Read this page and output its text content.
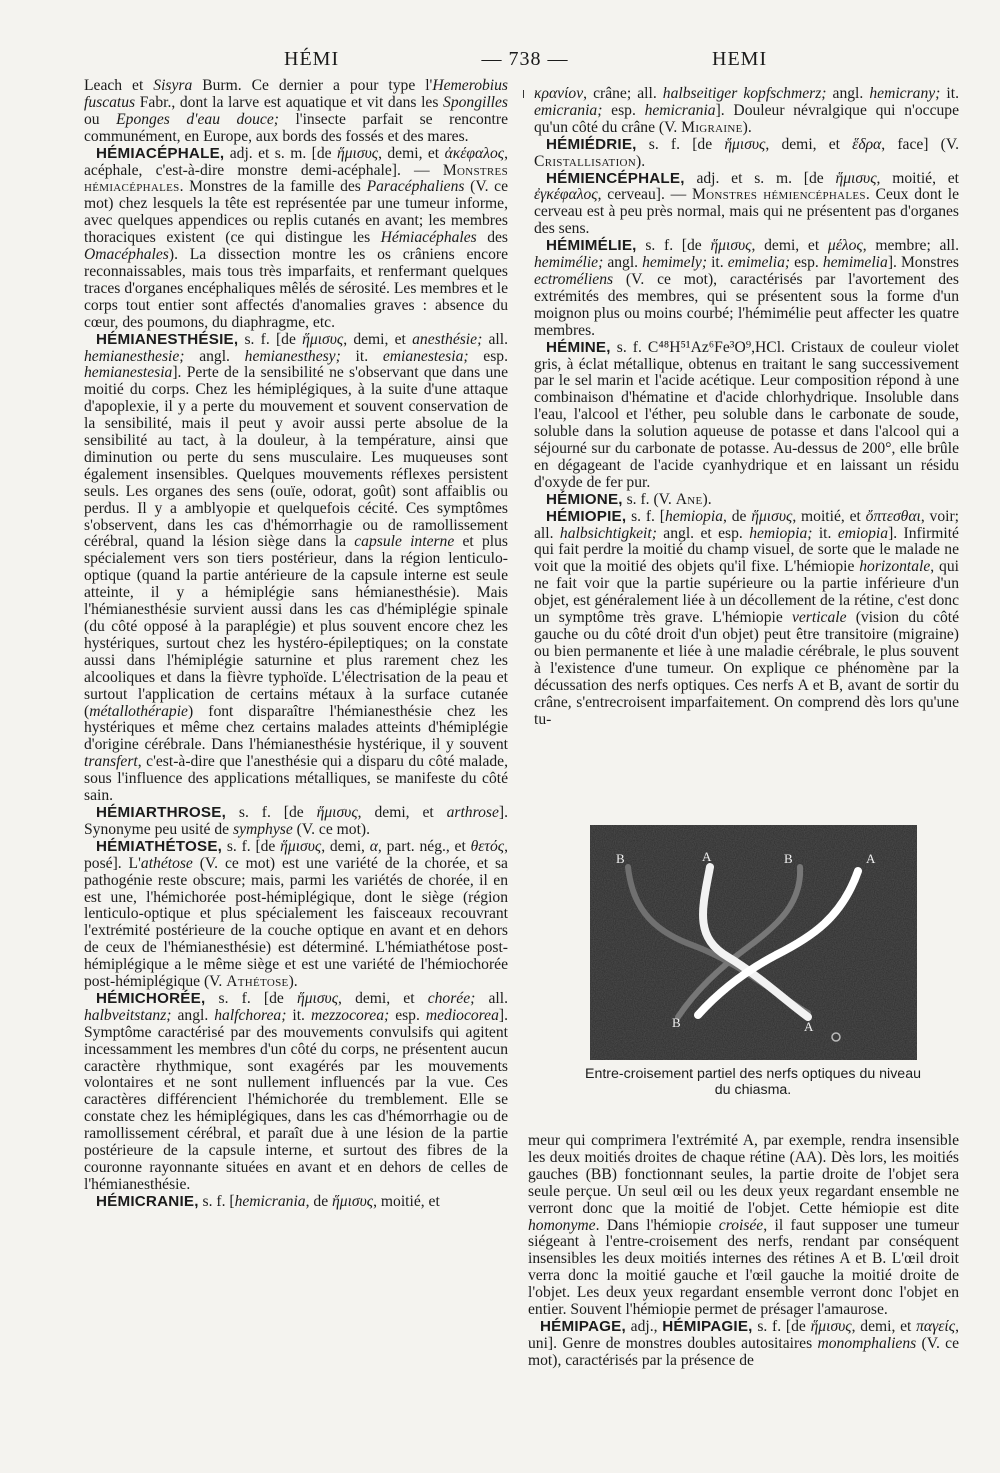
HÉMI	— 738 —	HEMI

Leach et Sisyra Burm. Ce dernier a pour type l'Hemerobius fuscatus Fabr., dont la larve est aquatique et vit dans les Spongilles ou Eponges d'eau douce; l'insecte parfait se rencontre communément, en Europe, aux bords des fossés et des mares.

HÉMIACÉPHALE, adj. et s. m. [de ἥμισυς, demi, et ἀκέφαλος, acéphale, c'est-à-dire monstre demi-acéphale]. — Monstres hémiacéphales. Monstres de la famille des Paracéphaliens (V. ce mot) chez lesquels la tête est représentée par une tumeur informe, avec quelques appendices ou replis cutanés en avant; les membres thoraciques existent (ce qui distingue les Hémiacéphales des Omacéphales). La dissection montre les os crâniens encore reconnaissables, mais tous très imparfaits, et renfermant quelques traces d'organes encéphaliques mêlés de sérosité. Les membres et le corps tout entier sont affectés d'anomalies graves : absence du cœur, des poumons, du diaphragme, etc.

HÉMIANESTHÉSIE, s. f. [de ἥμισυς, demi, et anesthésie; all. hemianesthesie; angl. hemianesthesy; it. emianestesia; esp. hemianestesia]. Perte de la sensibilité ne s'observant que dans une moitié du corps. Chez les hémiplégiques, à la suite d'une attaque d'apoplexie, il y a perte du mouvement et souvent conservation de la sensibilité, mais il peut y avoir aussi perte absolue de la sensibilité au tact, à la douleur, à la température, ainsi que diminution ou perte du sens musculaire. Les muqueuses sont également insensibles. Quelques mouvements réflexes persistent seuls. Les organes des sens (ouïe, odorat, goût) sont affaiblis ou perdus. Il y a amblyopie et quelquefois cécité. Ces symptômes s'observent, dans les cas d'hémorrhagie ou de ramollissement cérébral, quand la lésion siège dans la capsule interne et plus spécialement vers son tiers postérieur, dans la région lenticulo-optique (quand la partie antérieure de la capsule interne est seule atteinte, il y a hémiplégie sans hémianesthésie). Mais l'hémianesthésie survient aussi dans les cas d'hémiplégie spinale (du côté opposé à la paraplégie) et plus souvent encore chez les hystériques, surtout chez les hystéro-épileptiques; on la constate aussi dans l'hémiplégie saturnine et plus rarement chez les alcooliques et dans la fièvre typhoïde. L'électrisation de la peau et surtout l'application de certains métaux à la surface cutanée (métallothérapie) font disparaître l'hémianesthésie chez les hystériques et même chez certains malades atteints d'hémiplégie d'origine cérébrale. Dans l'hémianesthésie hystérique, il y souvent transfert, c'est-à-dire que l'anesthésie qui a disparu du côté malade, sous l'influence des applications métalliques, se manifeste du côté sain.

HÉMIARTHROSE, s. f. [de ἥμισυς, demi, et arthrose]. Synonyme peu usité de symphyse (V. ce mot).

HÉMIATHÉTOSE, s. f. [de ἥμισυς, demi, α, part. nég., et θετός, posé]. L'athétose (V. ce mot) est une variété de la chorée, et sa pathogénie reste obscure; mais, parmi les variétés de chorée, il en est une, l'hémichorée post-hémiplégique, dont le siège (région lenticulo-optique et plus spécialement les faisceaux recouvrant l'extrémité postérieure de la couche optique en avant et en dehors de ceux de l'hémianesthésie) est déterminé. L'hémiathétose post-hémiplégique a le même siège et est une variété de l'hémiochorée post-hémiplégique (V. Athétose).

HÉMICHORÉE, s. f. [de ἥμισυς, demi, et chorée; all. halbveitstanz; angl. halfchorea; it. mezzocorea; esp. mediocorea]. Symptôme caractérisé par des mouvements convulsifs qui agitent incessamment les membres d'un côté du corps, ne présentent aucun caractère rhythmique, sont exagérés par les mouvements volontaires et ne sont nullement influencés par la vue. Ces caractères différencient l'hémichorée du tremblement. Elle se constate chez les hémiplégiques, dans les cas d'hémorrhagie ou de ramollissement cérébral, et paraît due à une lésion de la partie postérieure de la capsule interne, et surtout des fibres de la couronne rayonnante situées en avant et en dehors de celles de l'hémianesthésie.

HÉMICRANIE, s. f. [hemicrania, de ἥμισυς, moitié, et

κρανίον, crâne; all. halbseitiger kopfschmerz; angl. hemicrany; it. emicrania; esp. hemicrania]. Douleur névralgique qui n'occupe qu'un côté du crâne (V. Migraine).

HÉMIÉDRIE, s. f. [de ἥμισυς, demi, et ἕδρα, face] (V. Cristallisation).

HÉMIENCÉPHALE, adj. et s. m. [de ἥμισυς, moitié, et ἐγκέφαλος, cerveau]. — Monstres hémiencéphales. Ceux dont le cerveau est à peu près normal, mais qui ne présentent pas d'organes des sens.

HÉMIMÉLIE, s. f. [de ἥμισυς, demi, et μέλος, membre; all. hemimélie; angl. hemimely; it. emimelia; esp. hemimelia]. Monstres ectroméliens (V. ce mot), caractérisés par l'avortement des extrémités des membres, qui se présentent sous la forme d'un moignon plus ou moins courbé; l'hémimélie peut affecter les quatre membres.

HÉMINE, s. f. C⁴⁸H⁵¹Az⁶Fe³O⁹,HCl. Cristaux de couleur violet gris, à éclat métallique, obtenus en traitant le sang successivement par le sel marin et l'acide acétique. Leur composition répond à une combinaison d'hématine et d'acide chlorhydrique. Insoluble dans l'eau, l'alcool et l'éther, peu soluble dans le carbonate de soude, soluble dans la solution aqueuse de potasse et dans l'alcool qui a séjourné sur du carbonate de potasse. Au-dessus de 200°, elle brûle en dégageant de l'acide cyanhydrique et en laissant un résidu d'oxyde de fer pur.

HÉMIONE, s. f. (V. Ane).

HÉMIOPIE, s. f. [hemiopia, de ἥμισυς, moitié, et ὄπτεσθαι, voir; all. halbsichtigkeit; angl. et esp. hemiopia; it. emiopia]. Infirmité qui fait perdre la moitié du champ visuel, de sorte que le malade ne voit que la moitié des objets qu'il fixe. L'hémiopie horizontale, qui ne fait voir que la partie supérieure ou la partie inférieure d'un objet, est généralement liée à un décollement de la rétine, c'est donc un symptôme très grave. L'hémiopie verticale (vision du côté gauche ou du côté droit d'un objet) peut être transitoire (migraine) ou bien permanente et liée à une maladie cérébrale, le plus souvent à l'existence d'une tumeur. On explique ce phénomène par la décussation des nerfs optiques. Ces nerfs A et B, avant de sortir du crâne, s'entrecroisent imparfaitement. On comprend dès lors qu'une tu-

B	A	B	A
B	A
Entre-croisement partiel des nerfs optiques du niveau
du chiasma.

meur qui comprimera l'extrémité A, par exemple, rendra insensible les deux moitiés droites de chaque rétine (AA). Dès lors, les moitiés gauches (BB) fonctionnant seules, la partie droite de l'objet sera seule perçue. Un seul œil ou les deux yeux regardant ensemble ne verront donc que la moitié de l'objet. Cette hémiopie est dite homonyme. Dans l'hémiopie croisée, il faut supposer une tumeur siégeant à l'entre-croisement des nerfs, rendant par conséquent insensibles les deux moitiés internes des rétines A et B. L'œil droit verra donc la moitié gauche et l'œil gauche la moitié droite de l'objet. Les deux yeux regardant ensemble verront donc l'objet en entier. Souvent l'hémiopie permet de présager l'amaurose.

HÉMIPAGE, adj., HÉMIPAGIE, s. f. [de ἥμισυς, demi, et παγείς, uni]. Genre de monstres doubles autositaires monomphaliens (V. ce mot), caractérisés par la présence de
